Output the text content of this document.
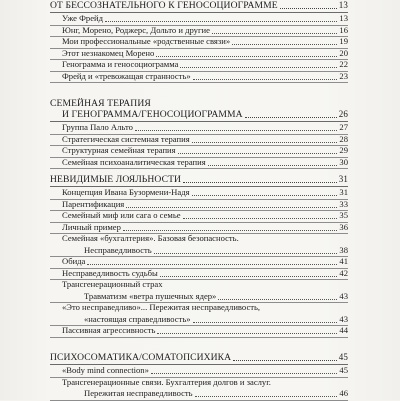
ОТ БЕССОЗНАТЕЛЬНОГО К ГЕНОСОЦИОГРАММЕ	13
Уже Фрейд	13
Юнг, Морено, Роджерс, Дольто и другие	16
Мои профессиональные «родственные связи»	19
Этот незнакомец Морено	20
Генограмма и геносоциограмма	22
Фрейд и «тревожащая странность»	23
СЕМЕЙНАЯ ТЕРАПИЯ
И ГЕНОГРАММА/ГЕНОСОЦИОГРАММА	26
Группа Пало Альто	27
Стратегическая системная терапия	28
Структурная семейная терапия	29
Семейная психоаналитическая терапия	30
НЕВИДИМЫЕ ЛОЯЛЬНОСТИ	31
Концепция Ивана Бузормени-Надя	31
Парентификация	33
Семейный миф или сага о семье	35
Личный пример	36
Семейная «бухгалтерия». Базовая безопасность.
Несправедливость	38
Обида	41
Несправедливость судьбы	42
Трансгенерационный страх
Травматизм «ветра пушечных ядер»	43
«Это несправедливо»... Пережитая несправедливость,
«настоящая справедливость»	43
Пассивная агрессивность	44
ПСИХОСОМАТИКА/СОМАТОПСИХИКА	45
«Body mind connection»	45
Трансгенерационные связи. Бухгалтерия долгов и заслуг.
Пережитая несправедливость	46
